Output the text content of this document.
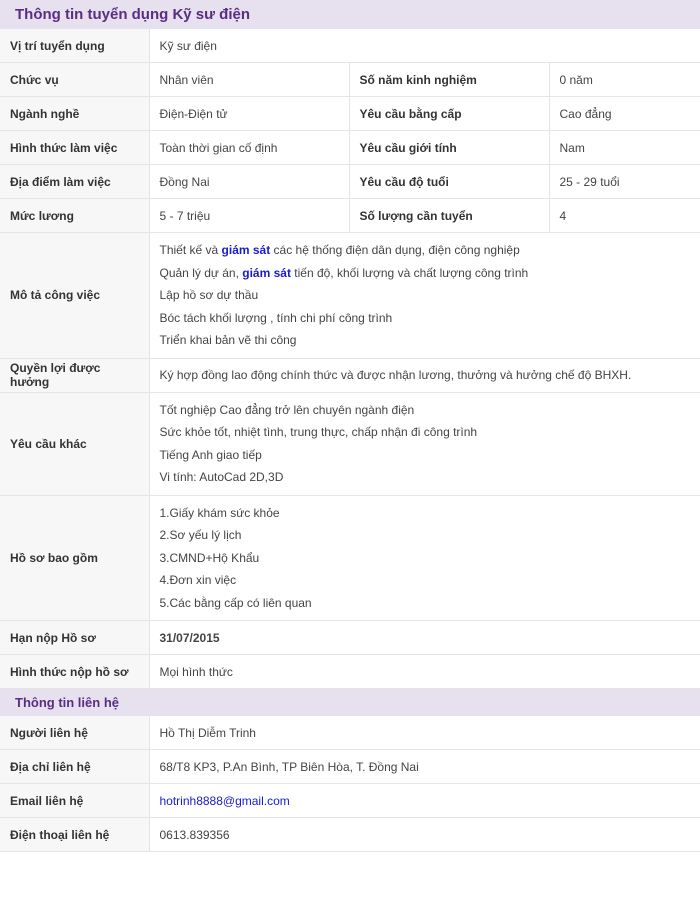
Thông tin tuyển dụng Kỹ sư điện
Vị trí tuyển dụng	Kỹ sư điện		
Chức vụ	Nhân viên	Số năm kinh nghiệm	0 năm
Ngành nghề	Điện-Điện tử	Yêu cầu bằng cấp	Cao đẳng
Hình thức làm việc	Toàn thời gian cố định	Yêu cầu giới tính	Nam
Địa điểm làm việc	Đồng Nai	Yêu cầu độ tuổi	25 - 29 tuổi
Mức lương	5 - 7 triệu	Số lượng cần tuyển	4
Mô tả công việc	Thiết kế và giám sát các hệ thống điện dân dụng, điện công nghiệp
Quản lý dự án, giám sát tiến độ, khối lượng và chất lượng công trình
Lập hồ sơ dự thầu
Bóc tách khối lượng , tính chi phí công trình
Triển khai bản vẽ thi công		

Quyền lợi được hưởng	Ký hợp đồng lao động chính thức và được nhận lương, thưởng và hưởng chế độ BHXH.		
Yêu cầu khác	Tốt nghiệp Cao đẳng trở lên chuyên ngành điện
Sức khỏe tốt, nhiệt tình, trung thực, chấp nhận đi công trình
Tiếng Anh giao tiếp
Vi tính: AutoCad 2D,3D		

Hồ sơ bao gồm	1.Giấy khám sức khỏe
2.Sơ yếu lý lịch
3.CMND+Hộ Khẩu
4.Đơn xin việc
5.Các bằng cấp có liên quan		

Hạn nộp Hồ sơ	31/07/2015		
Hình thức nộp hồ sơ	Mọi hình thức		
Thông tin liên hệ
Người liên hệ	Hồ Thị Diễm Trinh
Địa chỉ liên hệ	68/T8 KP3, P.An Bình, TP Biên Hòa, T. Đồng Nai
Email liên hệ	hotrinh8888@gmail.com
Điện thoại liên hệ	0613.839356
